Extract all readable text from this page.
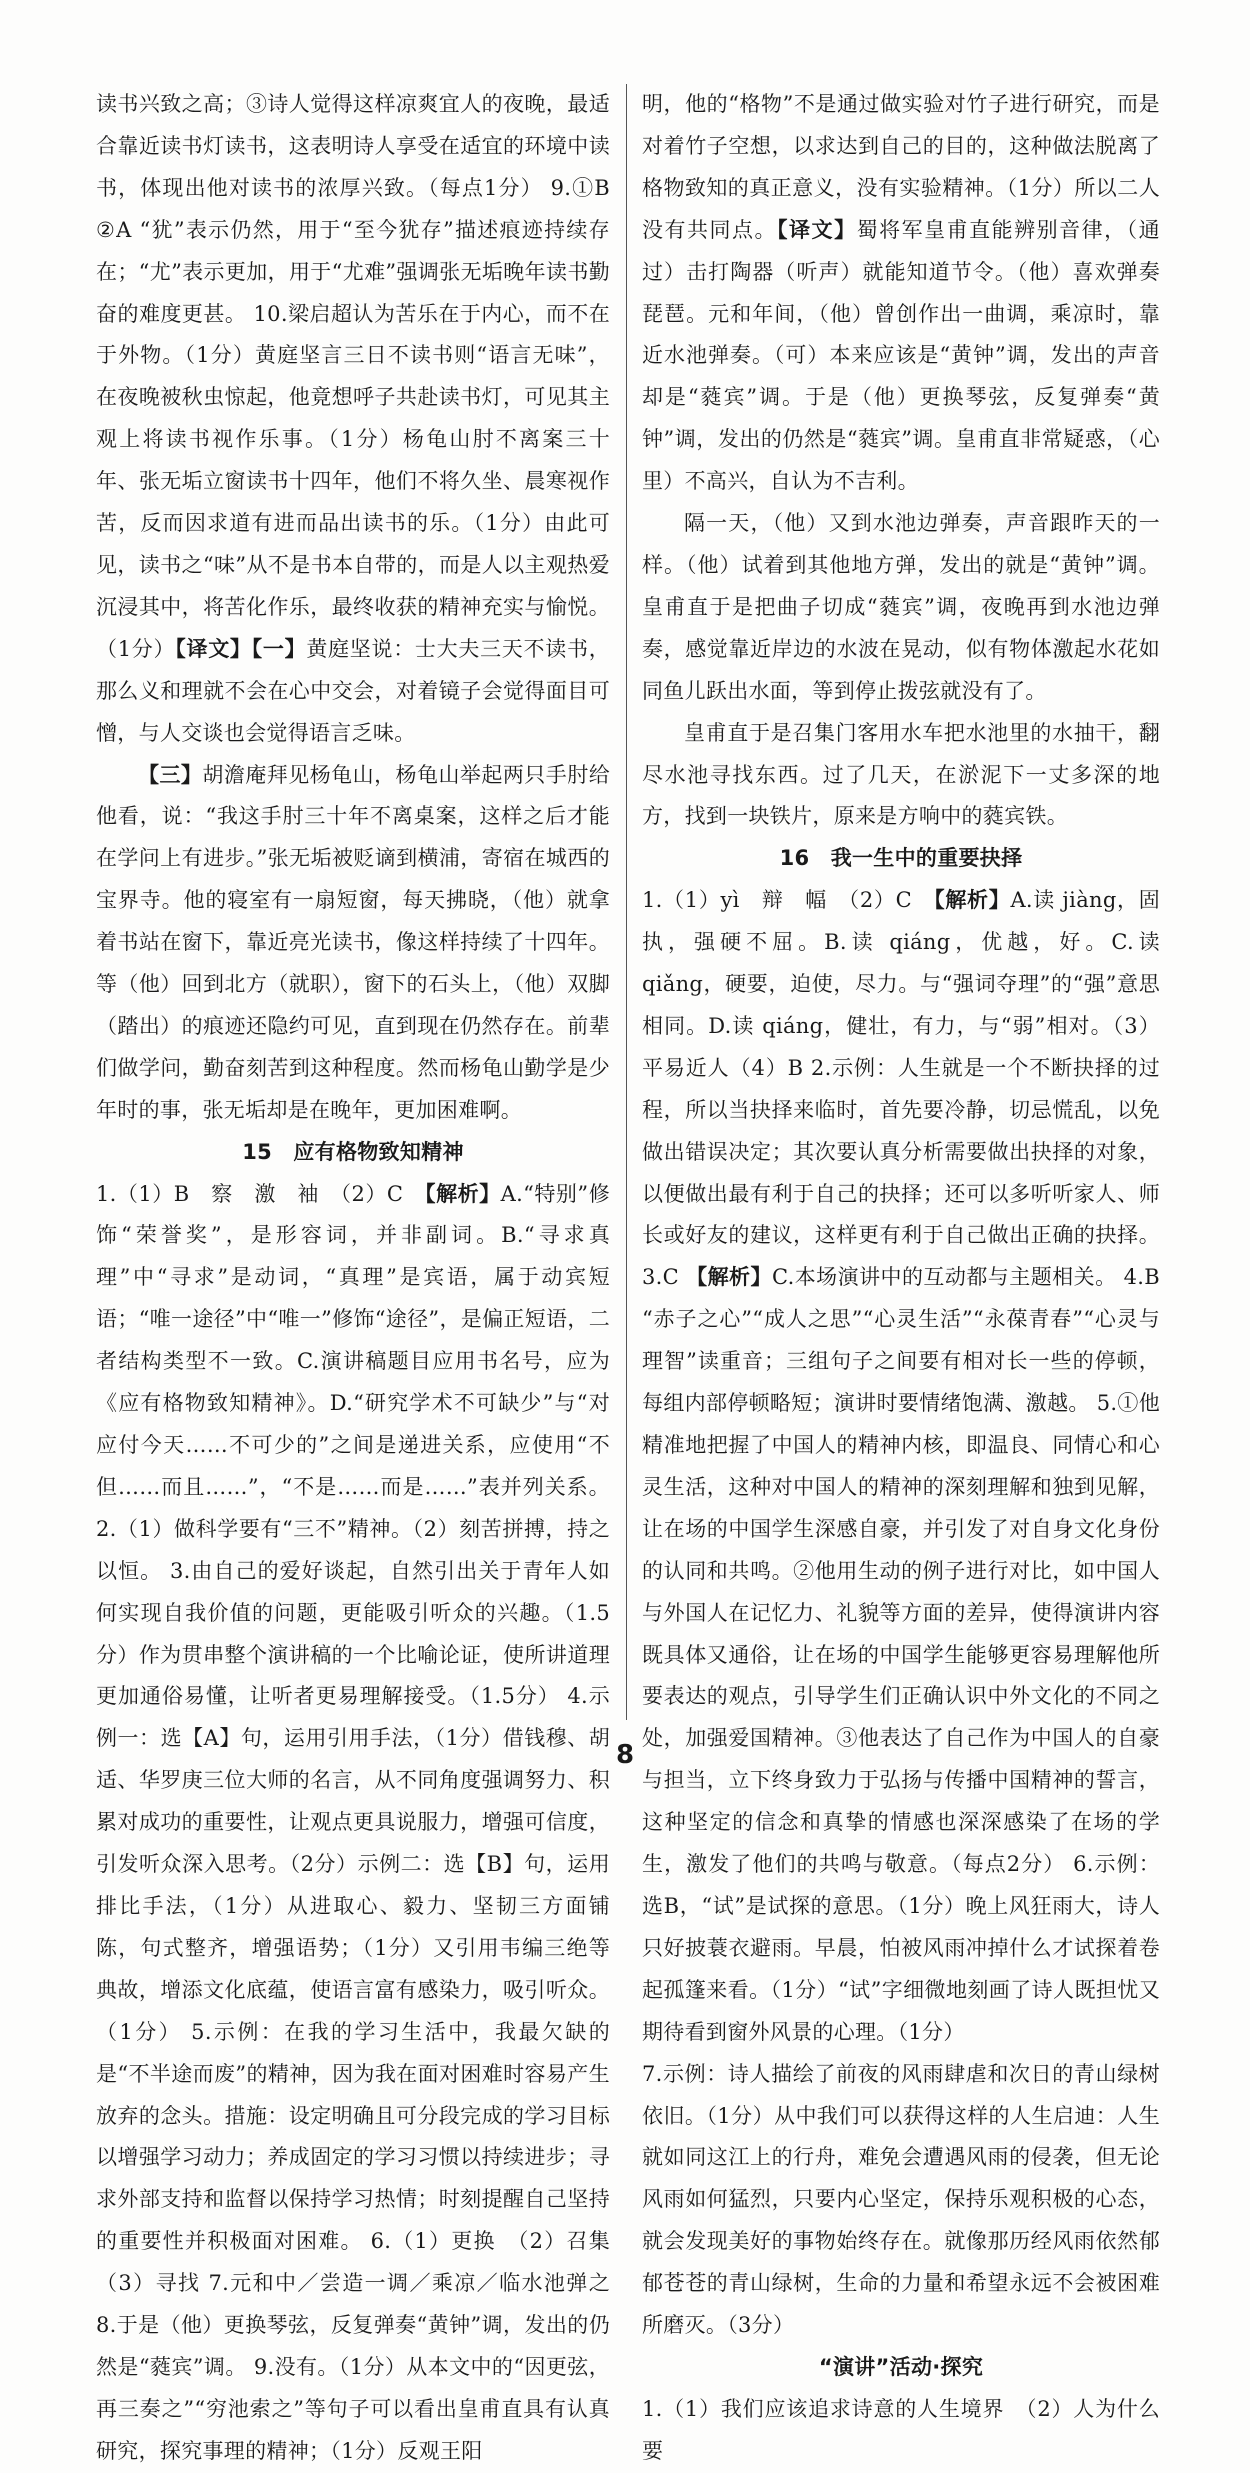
读书兴致之高；③诗人觉得这样凉爽宜人的夜晚，最适合靠近读书灯读书，这表明诗人享受在适宜的环境中读书，体现出他对读书的浓厚兴致。（每点1分） 9.①B ②A “犹”表示仍然，用于“至今犹存”描述痕迹持续存在；“尤”表示更加，用于“尤难”强调张无垢晚年读书勤奋的难度更甚。 10.梁启超认为苦乐在于内心，而不在于外物。（1分）黄庭坚言三日不读书则“语言无味”，在夜晚被秋虫惊起，他竟想呼子共赴读书灯，可见其主观上将读书视作乐事。（1分）杨龟山肘不离案三十年、张无垢立窗读书十四年，他们不将久坐、晨寒视作苦，反而因求道有进而品出读书的乐。（1分）由此可见，读书之“味”从不是书本自带的，而是人以主观热爱沉浸其中，将苦化作乐，最终收获的精神充实与愉悦。（1分）【译文】【一】黄庭坚说：士大夫三天不读书，那么义和理就不会在心中交会，对着镜子会觉得面目可憎，与人交谈也会觉得语言乏味。

【三】胡澹庵拜见杨龟山，杨龟山举起两只手肘给他看，说：“我这手肘三十年不离桌案，这样之后才能在学问上有进步。”张无垢被贬谪到横浦，寄宿在城西的宝界寺。他的寝室有一扇短窗，每天拂晓，（他）就拿着书站在窗下，靠近亮光读书，像这样持续了十四年。等（他）回到北方（就职），窗下的石头上，（他）双脚（踏出）的痕迹还隐约可见，直到现在仍然存在。前辈们做学问，勤奋刻苦到这种程度。然而杨龟山勤学是少年时的事，张无垢却是在晚年，更加困难啊。

15　应有格物致知精神

1.（1）B　察　激　袖　（2）C　【解析】A.“特别”修饰“荣誉奖”，是形容词，并非副词。B.“寻求真理”中“寻求”是动词，“真理”是宾语，属于动宾短语；“唯一途径”中“唯一”修饰“途径”，是偏正短语，二者结构类型不一致。C.演讲稿题目应用书名号，应为《应有格物致知精神》。D.“研究学术不可缺少”与“对应付今天……不可少的”之间是递进关系，应使用“不但……而且……”，“不是……而是……”表并列关系。 2.（1）做科学要有“三不”精神。（2）刻苦拼搏，持之以恒。 3.由自己的爱好谈起，自然引出关于青年人如何实现自我价值的问题，更能吸引听众的兴趣。（1.5分）作为贯串整个演讲稿的一个比喻论证，使所讲道理更加通俗易懂，让听者更易理解接受。（1.5分） 4.示例一：选【A】句，运用引用手法，（1分）借钱穆、胡适、华罗庚三位大师的名言，从不同角度强调努力、积累对成功的重要性，让观点更具说服力，增强可信度，引发听众深入思考。（2分）示例二：选【B】句，运用排比手法，（1分）从进取心、毅力、坚韧三方面铺陈，句式整齐，增强语势；（1分）又引用韦编三绝等典故，增添文化底蕴，使语言富有感染力，吸引听众。（1分） 5.示例：在我的学习生活中，我最欠缺的是“不半途而废”的精神，因为我在面对困难时容易产生放弃的念头。措施：设定明确且可分段完成的学习目标以增强学习动力；养成固定的学习习惯以持续进步；寻求外部支持和监督以保持学习热情；时刻提醒自己坚持的重要性并积极面对困难。 6.（1）更换　（2）召集　（3）寻找 7.元和中／尝造一调／乘凉／临水池弹之 8.于是（他）更换琴弦，反复弹奏“黄钟”调，发出的仍然是“蕤宾”调。 9.没有。（1分）从本文中的“因更弦，再三奏之”“穷池索之”等句子可以看出皇甫直具有认真研究，探究事理的精神；（1分）反观王阳

明，他的“格物”不是通过做实验对竹子进行研究，而是对着竹子空想，以求达到自己的目的，这种做法脱离了格物致知的真正意义，没有实验精神。（1分）所以二人没有共同点。【译文】蜀将军皇甫直能辨别音律，（通过）击打陶器（听声）就能知道节令。（他）喜欢弹奏琵琶。元和年间，（他）曾创作出一曲调，乘凉时，靠近水池弹奏。（可）本来应该是“黄钟”调，发出的声音却是“蕤宾”调。于是（他）更换琴弦，反复弹奏“黄钟”调，发出的仍然是“蕤宾”调。皇甫直非常疑惑，（心里）不高兴，自认为不吉利。

隔一天，（他）又到水池边弹奏，声音跟昨天的一样。（他）试着到其他地方弹，发出的就是“黄钟”调。皇甫直于是把曲子切成“蕤宾”调，夜晚再到水池边弹奏，感觉靠近岸边的水波在晃动，似有物体激起水花如同鱼儿跃出水面，等到停止拨弦就没有了。

皇甫直于是召集门客用水车把水池里的水抽干，翻尽水池寻找东西。过了几天，在淤泥下一丈多深的地方，找到一块铁片，原来是方响中的蕤宾铁。

16　我一生中的重要抉择

1.（1）yì　辩　幅　（2）C　【解析】A.读 jiàng，固执，强硬不屈。B.读 qiáng，优越，好。C.读 qiǎng，硬要，迫使，尽力。与“强词夺理”的“强”意思相同。D.读 qiáng，健壮，有力，与“弱”相对。（3）平易近人（4）B 2.示例：人生就是一个不断抉择的过程，所以当抉择来临时，首先要冷静，切忌慌乱，以免做出错误决定；其次要认真分析需要做出抉择的对象，以便做出最有利于自己的抉择；还可以多听听家人、师长或好友的建议，这样更有利于自己做出正确的抉择。 3.C 【解析】C.本场演讲中的互动都与主题相关。 4.B “赤子之心”“成人之思”“心灵生活”“永葆青春”“心灵与理智”读重音；三组句子之间要有相对长一些的停顿，每组内部停顿略短；演讲时要情绪饱满、激越。 5.①他精准地把握了中国人的精神内核，即温良、同情心和心灵生活，这种对中国人的精神的深刻理解和独到见解，让在场的中国学生深感自豪，并引发了对自身文化身份的认同和共鸣。②他用生动的例子进行对比，如中国人与外国人在记忆力、礼貌等方面的差异，使得演讲内容既具体又通俗，让在场的中国学生能够更容易理解他所要表达的观点，引导学生们正确认识中外文化的不同之处，加强爱国精神。③他表达了自己作为中国人的自豪与担当，立下终身致力于弘扬与传播中国精神的誓言，这种坚定的信念和真挚的情感也深深感染了在场的学生，激发了他们的共鸣与敬意。（每点2分） 6.示例：选B，“试”是试探的意思。（1分）晚上风狂雨大，诗人只好披蓑衣避雨。早晨，怕被风雨冲掉什么才试探着卷起孤篷来看。（1分）“试”字细微地刻画了诗人既担忧又期待看到窗外风景的心理。（1分）

7.示例：诗人描绘了前夜的风雨肆虐和次日的青山绿树依旧。（1分）从中我们可以获得这样的人生启迪：人生就如同这江上的行舟，难免会遭遇风雨的侵袭，但无论风雨如何猛烈，只要内心坚定，保持乐观积极的心态，就会发现美好的事物始终存在。就像那历经风雨依然郁郁苍苍的青山绿树，生命的力量和希望永远不会被困难所磨灭。（3分）

“演讲”活动·探究

1.（1）我们应该追求诗意的人生境界　（2）人为什么要

8
